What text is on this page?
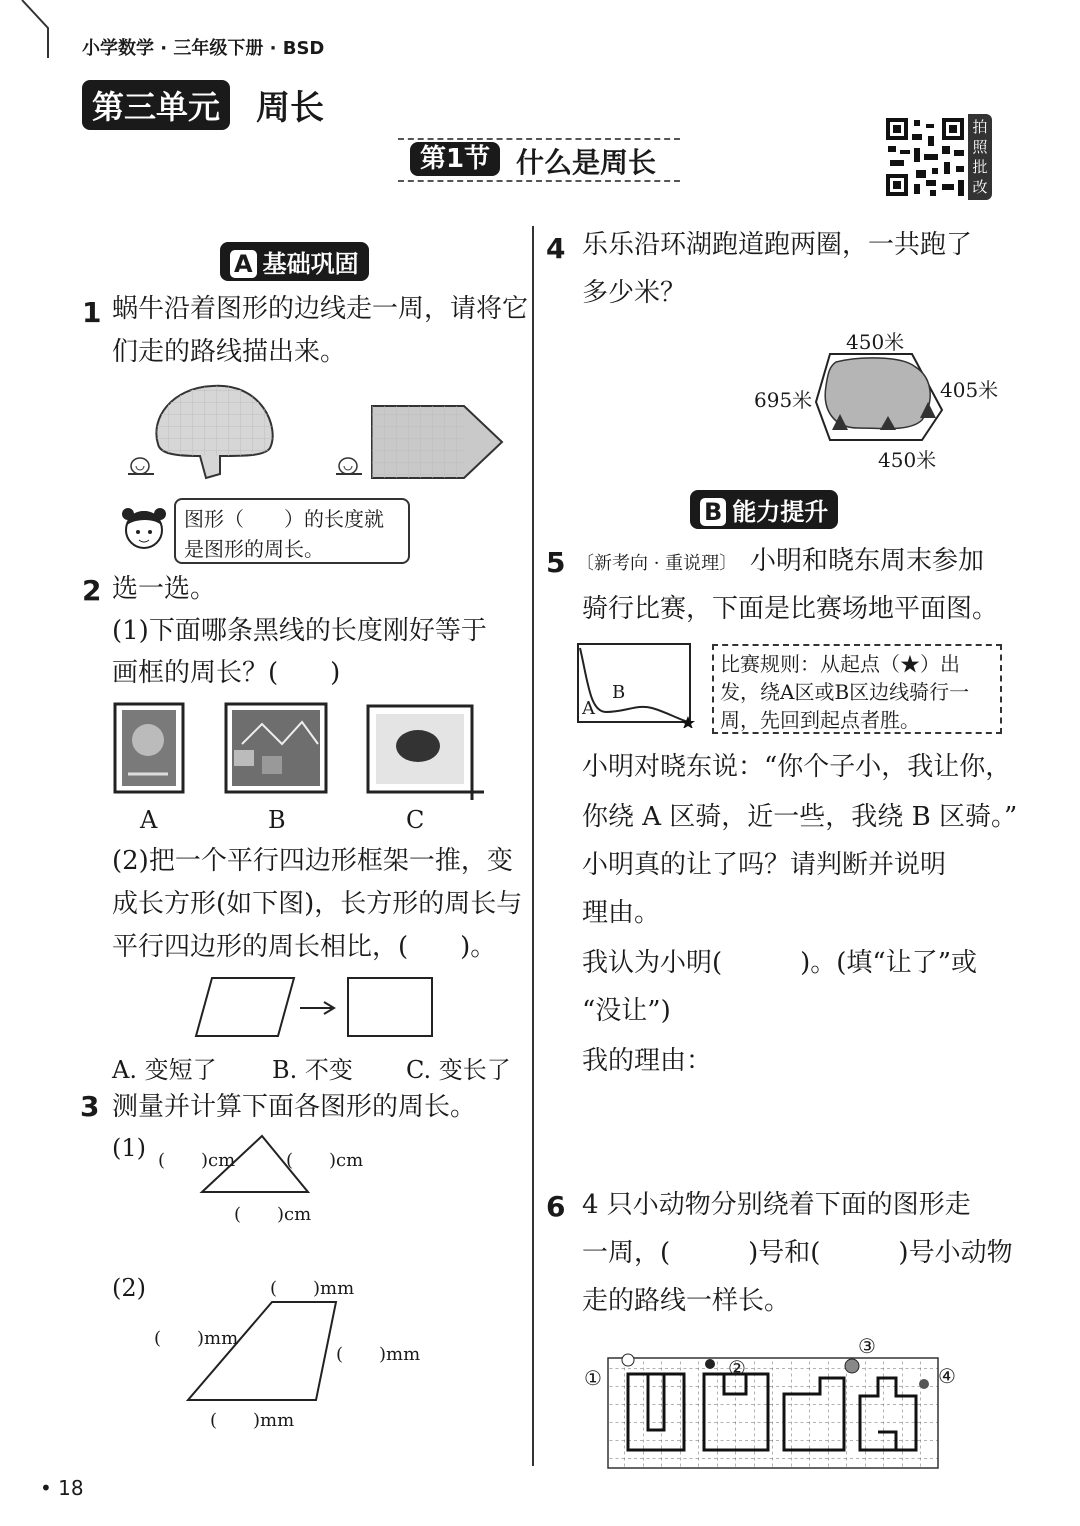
小学数学 · 三年级下册 · BSD
第三单元 周长
第1节 什么是周长
拍
照
批
改
A 基础巩固
1 蜗牛沿着图形的边线走一周，请将它
们走的路线描出来。
图形（　　）的长度就
是图形的周长。
2 选一选。
(1)下面哪条黑线的长度刚好等于
画框的周长？(　　)
A	B	C
(2)把一个平行四边形框架一推，变
成长方形(如下图)，长方形的周长与
平行四边形的周长相比，(　　)。
A. 变短了 B. 不变 C. 变长了
3 测量并计算下面各图形的周长。
(1) (　　)cm	(　　)cm
(　　)cm
(2)	(　　)mm
(　　)mm
(　　)mm
(　　)mm
4 乐乐沿环湖跑道跑两圈，一共跑了
多少米？
450米
695米	405米
450米
B 能力提升
5 〔新考向 · 重说理〕 小明和晓东周末参加
骑行比赛，下面是比赛场地平面图。
A
B
比赛规则：从起点（★）出
发，绕A区或B区边线骑行一
周，先回到起点者胜。
小明对晓东说：“你个子小，我让你，
你绕 A 区骑，近一些，我绕 B 区骑。”
小明真的让了吗？请判断并说明
理由。
我认为小明(　　　)。(填“让了”或
“没让”)
我的理由：
6 4 只小动物分别绕着下面的图形走
一周，(　　　)号和(　　　)号小动物
走的路线一样长。
①	②
③
④
• 18
